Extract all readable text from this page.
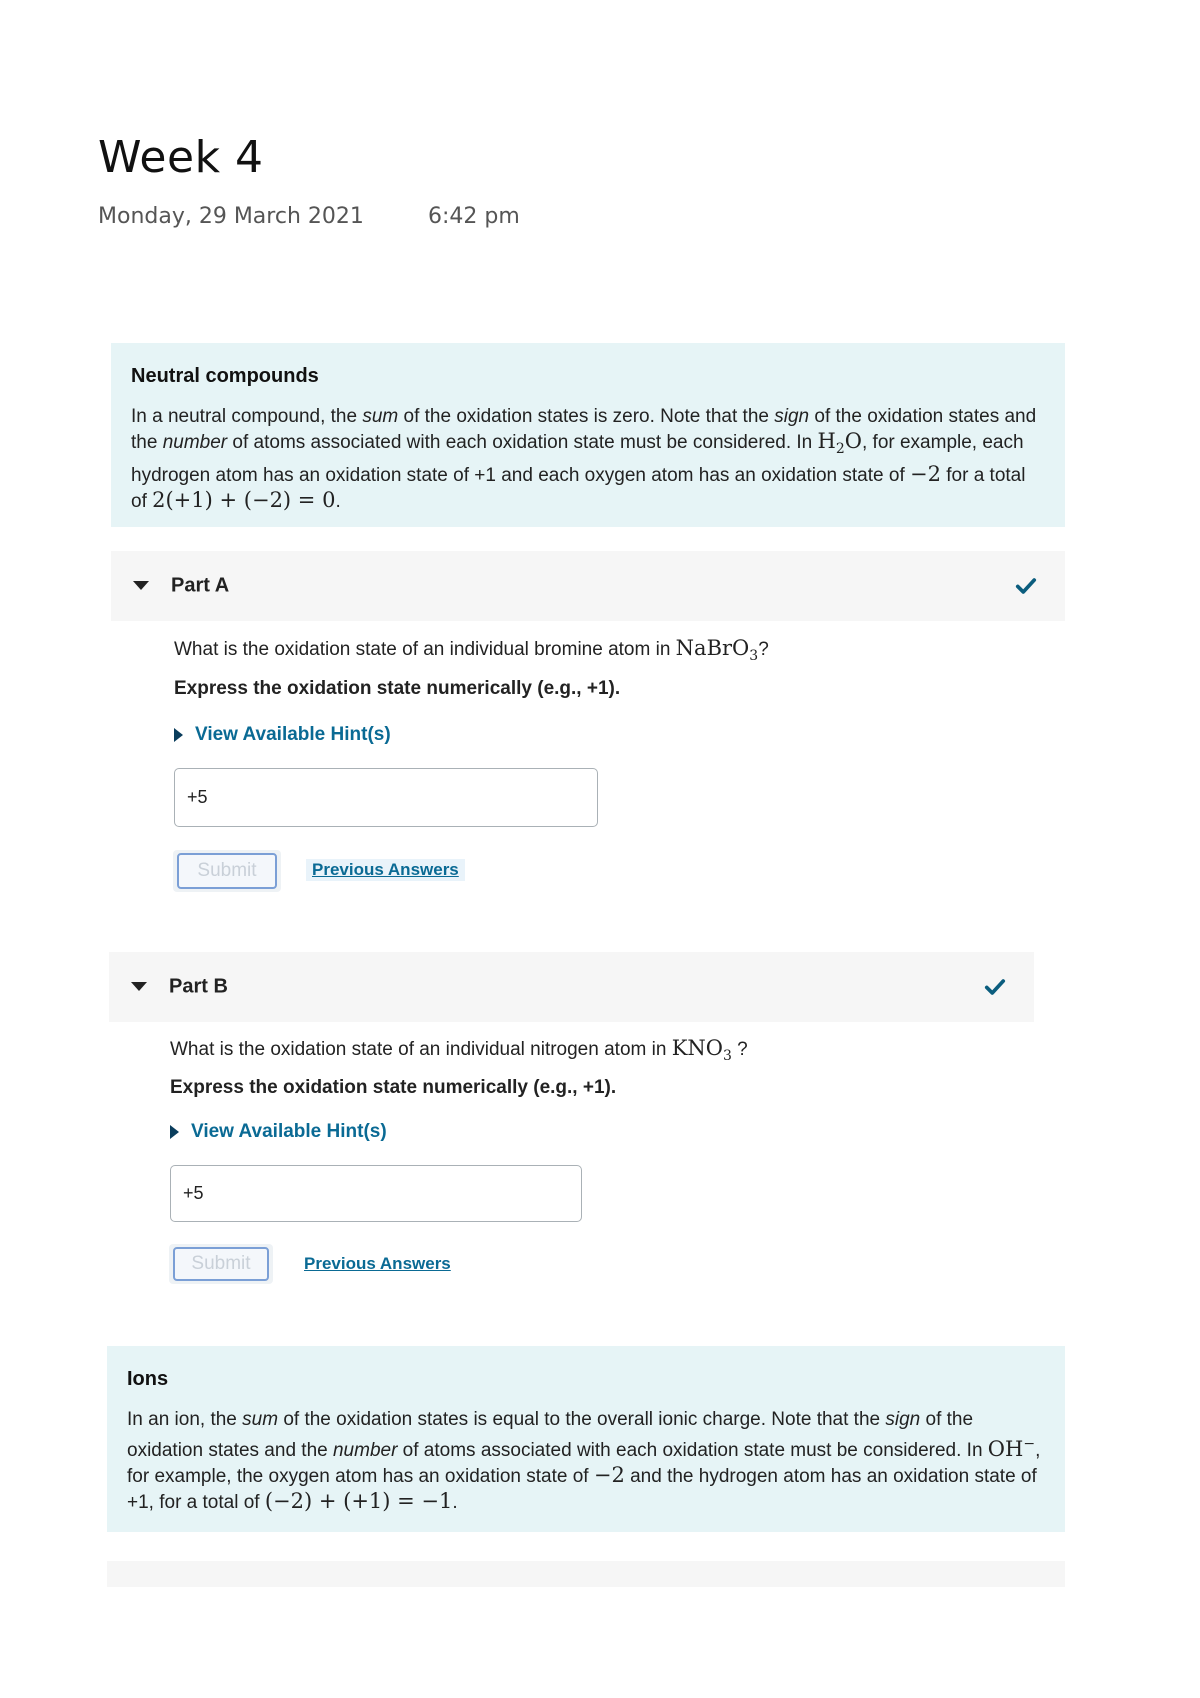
Week 4
Monday, 29 March 2021	6:42 pm
Neutral compounds

In a neutral compound, the sum of the oxidation states is zero. Note that the sign of the oxidation states and the number of atoms associated with each oxidation state must be considered. In $H_2O$, for example, each hydrogen atom has an oxidation state of +1 and each oxygen atom has an oxidation state of −2 for a total of 2(+1) + (−2) = 0.

Part A
What is the oxidation state of an individual bromine atom in NaBrO$_3$?
Express the oxidation state numerically (e.g., +1).
View Available Hint(s)
+5
Submit	Previous Answers
Part B
What is the oxidation state of an individual nitrogen atom in $KNO_3$ ?
Express the oxidation state numerically (e.g., +1).
View Available Hint(s)
+5
Submit	Previous Answers
Ions

In an ion, the sum of the oxidation states is equal to the overall ionic charge. Note that the sign of the oxidation states and the number of atoms associated with each oxidation state must be considered. In OH−, for example, the oxygen atom has an oxidation state of −2 and the hydrogen atom has an oxidation state of +1, for a total of (−2) + (+1) = −1.
